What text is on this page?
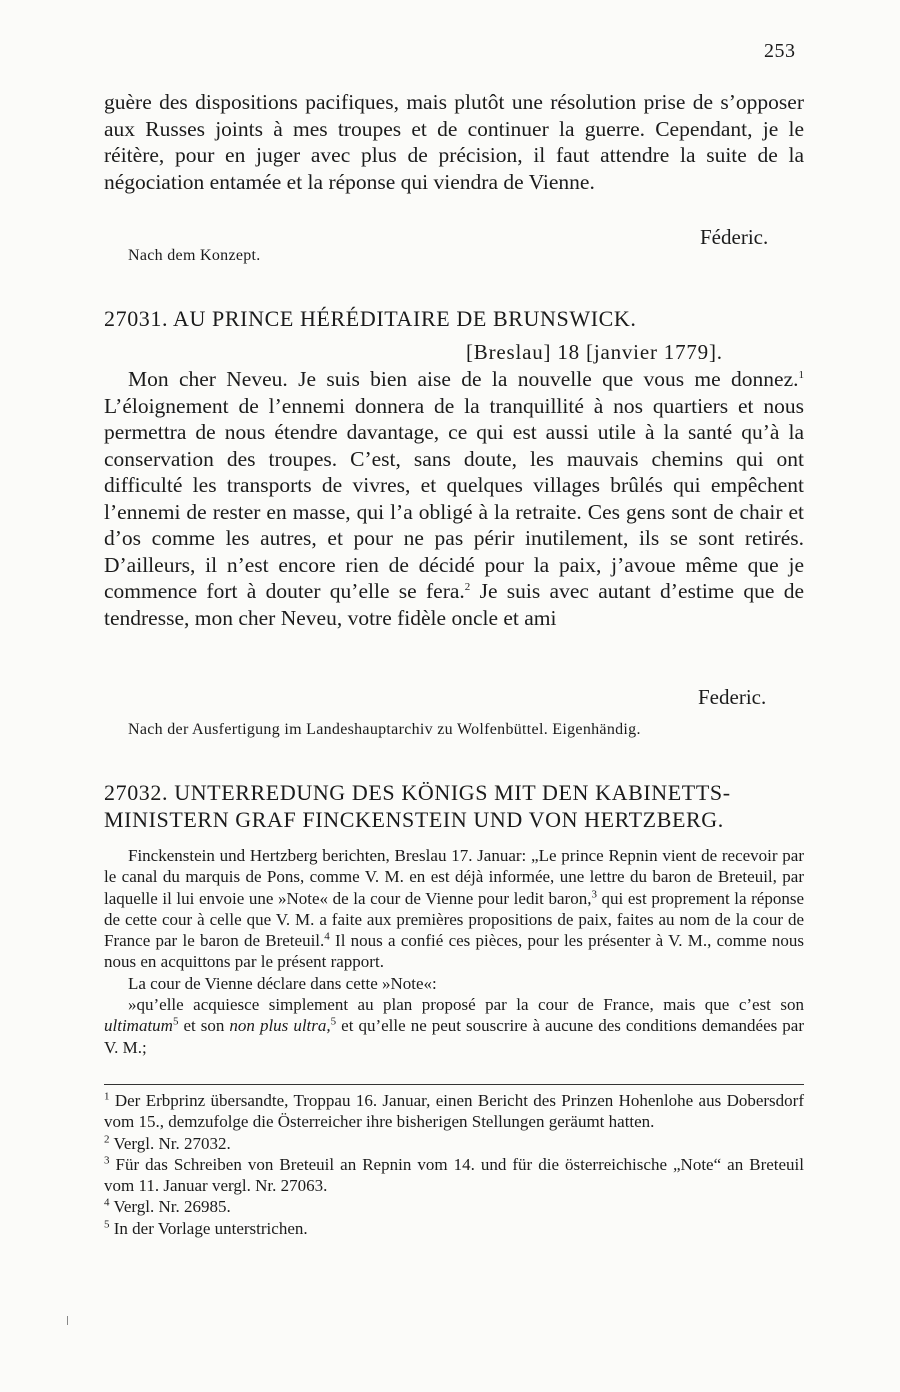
253

guère des dispositions pacifiques, mais plutôt une résolution prise de s’opposer aux Russes joints à mes troupes et de continuer la guerre. Cependant, je le réitère, pour en juger avec plus de précision, il faut attendre la suite de la négociation entamée et la réponse qui viendra de Vienne.

Féderic.
Nach dem Konzept.
27031. AU PRINCE HÉRÉDITAIRE DE BRUNSWICK.
[Breslau] 18 [janvier 1779].

Mon cher Neveu. Je suis bien aise de la nouvelle que vous me donnez.$^1$ L’éloignement de l’ennemi donnera de la tranquillité à nos quartiers et nous permettra de nous étendre davantage, ce qui est aussi utile à la santé qu’à la conservation des troupes. C’est, sans doute, les mauvais chemins qui ont difficulté les transports de vivres, et quelques villages brûlés qui empêchent l’ennemi de rester en masse, qui l’a obligé à la retraite. Ces gens sont de chair et d’os comme les autres, et pour ne pas périr inutilement, ils se sont retirés. D’ailleurs, il n’est encore rien de décidé pour la paix, j’avoue même que je commence fort à douter qu’elle se fera.$^2$ Je suis avec autant d’estime que de tendresse, mon cher Neveu, votre fidèle oncle et ami

Federic.
Nach der Ausfertigung im Landeshauptarchiv zu Wolfenbüttel. Eigenhändig.
27032. UNTERREDUNG DES KÖNIGS MIT DEN KABINETTS-
MINISTERN GRAF FINCKENSTEIN UND VON HERTZBERG.

Finckenstein und Hertzberg berichten, Breslau 17. Januar: „Le prince Repnin vient de recevoir par le canal du marquis de Pons, comme V. M. en est déjà informée, une lettre du baron de Breteuil, par laquelle il lui envoie une »Note« de la cour de Vienne pour ledit baron,$^3$ qui est proprement la réponse de cette cour à celle que V. M. a faite aux premières propositions de paix, faites au nom de la cour de France par le baron de Breteuil.$^4$ Il nous a confié ces pièces, pour les présenter à V. M., comme nous nous en acquittons par le présent rapport.

La cour de Vienne déclare dans cette »Note«:

»qu’elle acquiesce simplement au plan proposé par la cour de France, mais que c’est son ultimatum$^5$ et son non plus ultra,$^5$ et qu’elle ne peut souscrire à aucune des conditions demandées par V. M.;

$^1$ Der Erbprinz übersandte, Troppau 16. Januar, einen Bericht des Prinzen Hohenlohe aus Dobersdorf vom 15., demzufolge die Österreicher ihre bisherigen Stellungen geräumt hatten.

$^2$ Vergl. Nr. 27032.

$^3$ Für das Schreiben von Breteuil an Repnin vom 14. und für die österreichische „Note“ an Breteuil vom 11. Januar vergl. Nr. 27063.

$^4$ Vergl. Nr. 26985.

$^5$ In der Vorlage unterstrichen.
